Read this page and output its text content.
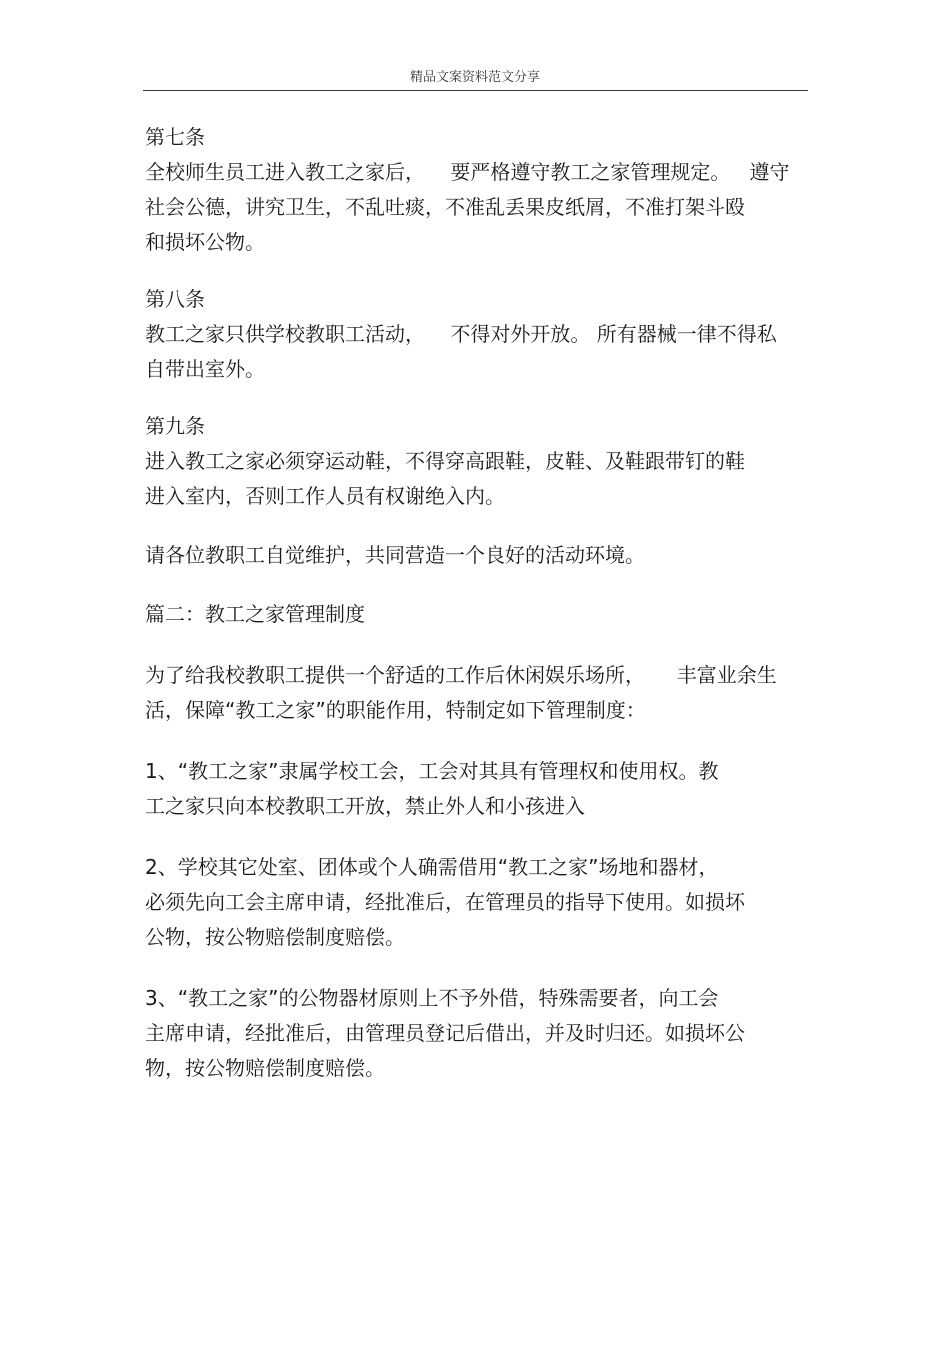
精品文案资料范文分享
第七条
全校师生员工进入教工之家后，    要严格遵守教工之家管理规定。   遵守
社会公德，讲究卫生，不乱吐痰，不准乱丢果皮纸屑，不准打架斗殴
和损坏公物。
第八条
教工之家只供学校教职工活动，    不得对外开放。 所有器械一律不得私
自带出室外。
第九条
进入教工之家必须穿运动鞋，不得穿高跟鞋，皮鞋、及鞋跟带钉的鞋
进入室内，否则工作人员有权谢绝入内。
请各位教职工自觉维护，共同营造一个良好的活动环境。
篇二：教工之家管理制度
为了给我校教职工提供一个舒适的工作后休闲娱乐场所，     丰富业余生
活，保障“教工之家”的职能作用，特制定如下管理制度：
1、“教工之家”隶属学校工会，工会对其具有管理权和使用权。教
工之家只向本校教职工开放，禁止外人和小孩进入
2、学校其它处室、团体或个人确需借用“教工之家”场地和器材，
必须先向工会主席申请，经批准后，在管理员的指导下使用。如损坏
公物，按公物赔偿制度赔偿。
3、“教工之家”的公物器材原则上不予外借，特殊需要者，向工会
主席申请，经批准后，由管理员登记后借出，并及时归还。如损坏公
物，按公物赔偿制度赔偿。
